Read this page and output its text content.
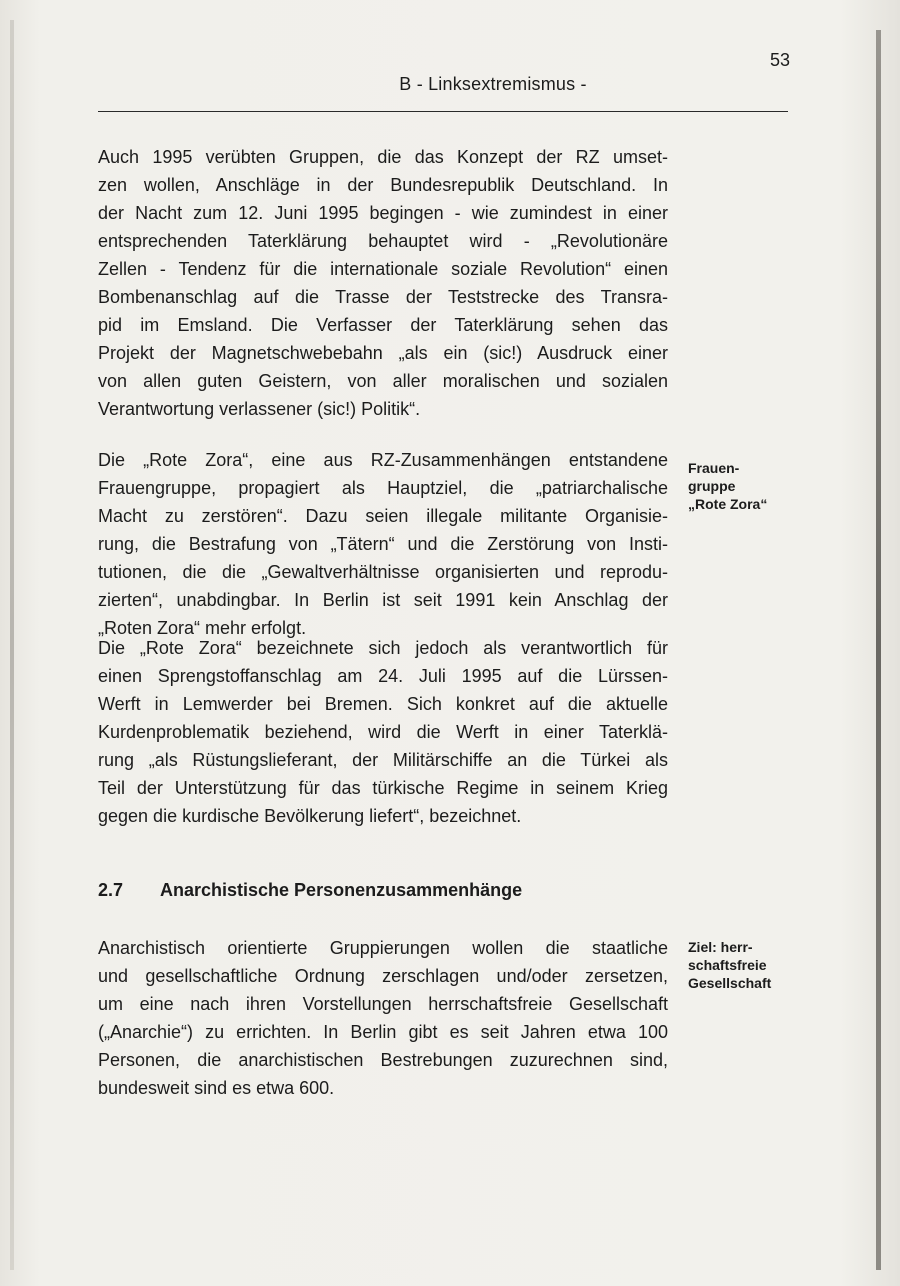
53
B - Linksextremismus -
Auch 1995 verübten Gruppen, die das Konzept der RZ umset-
zen wollen, Anschläge in der Bundesrepublik Deutschland. In
der Nacht zum 12. Juni 1995 begingen - wie zumindest in einer
entsprechenden Taterklärung behauptet wird - „Revolutionäre
Zellen - Tendenz für die internationale soziale Revolution“ einen
Bombenanschlag auf die Trasse der Teststrecke des Transra-
pid im Emsland. Die Verfasser der Taterklärung sehen das
Projekt der Magnetschwebebahn „als ein (sic!) Ausdruck einer
von allen guten Geistern, von aller moralischen und sozialen
Verantwortung verlassener (sic!) Politik“.
Die „Rote Zora“, eine aus RZ-Zusammenhängen entstandene
Frauengruppe, propagiert als Hauptziel, die „patriarchalische
Macht zu zerstören“. Dazu seien illegale militante Organisie-
rung, die Bestrafung von „Tätern“ und die Zerstörung von Insti-
tutionen, die die „Gewaltverhältnisse organisierten und reprodu-
zierten“, unabdingbar. In Berlin ist seit 1991 kein Anschlag der
„Roten Zora“ mehr erfolgt.
Die „Rote Zora“ bezeichnete sich jedoch als verantwortlich für
einen Sprengstoffanschlag am 24. Juli 1995 auf die Lürssen-
Werft in Lemwerder bei Bremen. Sich konkret auf die aktuelle
Kurdenproblematik beziehend, wird die Werft in einer Taterklä-
rung „als Rüstungslieferant, der Militärschiffe an die Türkei als
Teil der Unterstützung für das türkische Regime in seinem Krieg
gegen die kurdische Bevölkerung liefert“, bezeichnet.
Frauen-
gruppe
„Rote Zora“
2.7 Anarchistische Personenzusammenhänge
Anarchistisch orientierte Gruppierungen wollen die staatliche
und gesellschaftliche Ordnung zerschlagen und/oder zersetzen,
um eine nach ihren Vorstellungen herrschaftsfreie Gesellschaft
(„Anarchie“) zu errichten. In Berlin gibt es seit Jahren etwa 100
Personen, die anarchistischen Bestrebungen zuzurechnen sind,
bundesweit sind es etwa 600.
Ziel: herr-
schaftsfreie
Gesellschaft
